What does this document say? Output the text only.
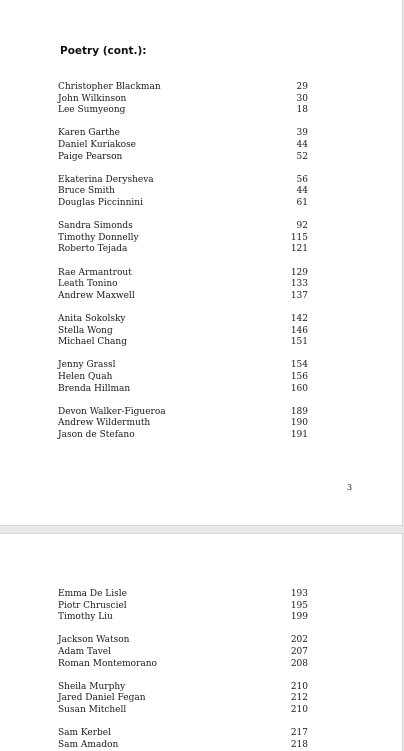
Poetry (cont.):
Christopher Blackman	29
John Wilkinson	30
Lee Sumyeong	18
Karen Garthe	39
Daniel Kuriakose	44
Paige Pearson	52
Ekaterina Derysheva	56
Bruce Smith	44
Douglas Piccinnini	61
Sandra Simonds	92
Timothy Donnelly	115
Roberto Tejada	121
Rae Armantrout	129
Leath Tonino	133
Andrew Maxwell	137
Anita Sokolsky	142
Stella Wong	146
Michael Chang	151
Jenny Grassl	154
Helen Quah	156
Brenda Hillman	160
Devon Walker-Figueroa	189
Andrew Wildermuth	190
Jason de Stefano	191
3
Emma De Lisle	193
Piotr Chrusciel	195
Timothy Liu	199
Jackson Watson	202
Adam Tavel	207
Roman Montemorano	208
Sheila Murphy	210
Jared Daniel Fegan	212
Susan Mitchell	210
Sam Kerbel	217
Sam Amadon	218
